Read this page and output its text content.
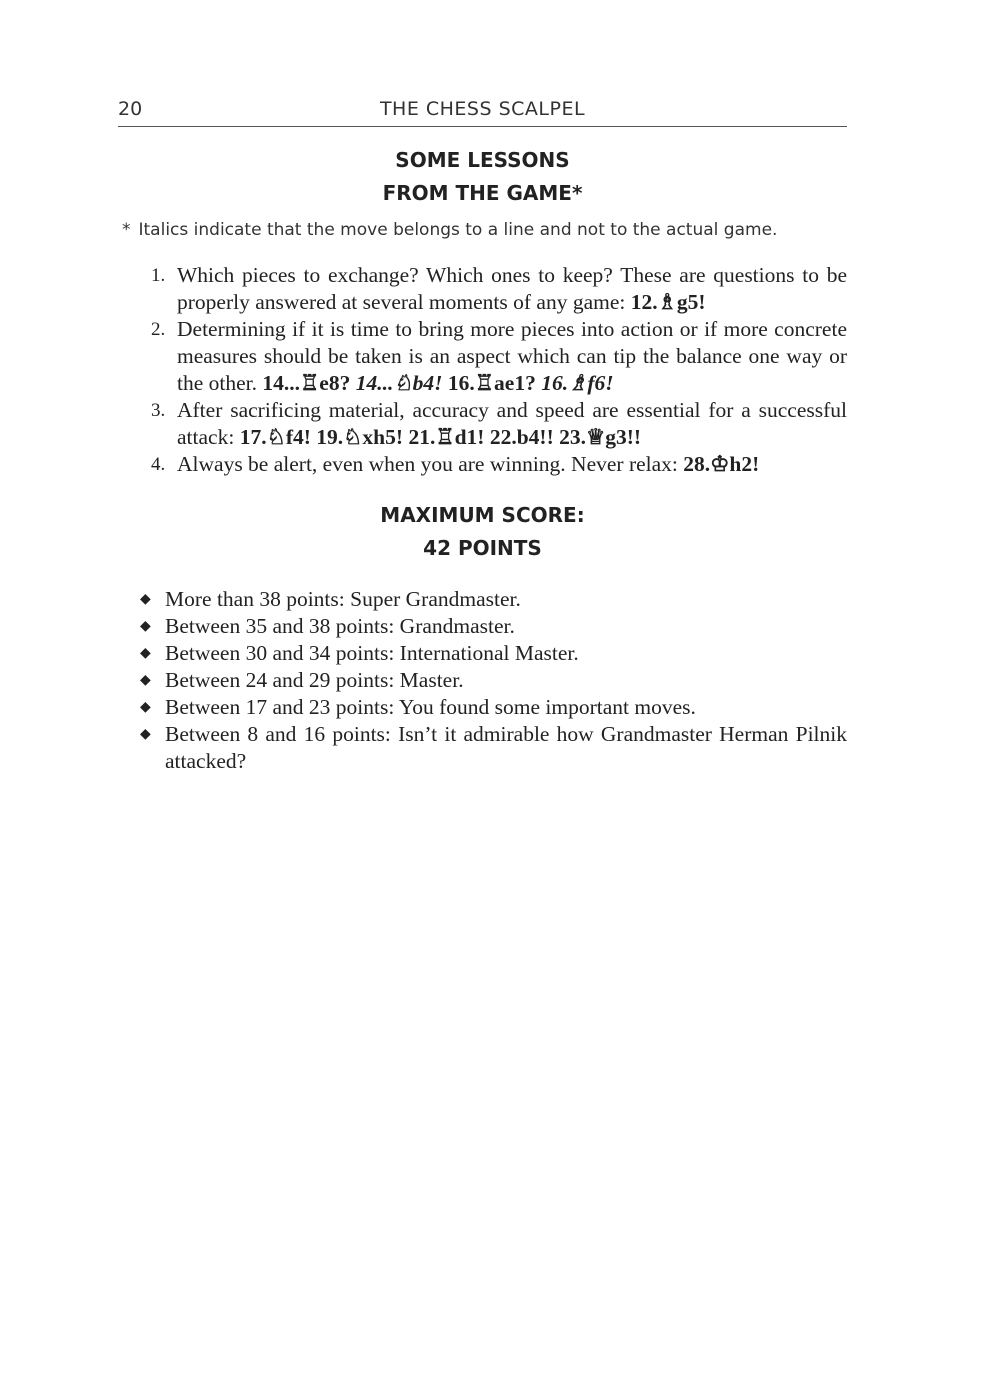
20	THE CHESS SCALPEL
SOME LESSONS
FROM THE GAME*
* Italics indicate that the move belongs to a line and not to the actual game.
1. Which pieces to exchange? Which ones to keep? These are questions to be properly answered at several moments of any game: 12.♗g5!
2. Determining if it is time to bring more pieces into action or if more concrete measures should be taken is an aspect which can tip the balance one way or the other. 14...♖e8? 14...♘b4! 16.♖ae1? 16.♗f6!
3. After sacrificing material, accuracy and speed are essential for a successful attack: 17.♘f4! 19.♘xh5! 21.♖d1! 22.b4!! 23.♕g3!!
4. Always be alert, even when you are winning. Never relax: 28.♔h2!
MAXIMUM SCORE:
42 POINTS
◆ More than 38 points: Super Grandmaster.
◆ Between 35 and 38 points: Grandmaster.
◆ Between 30 and 34 points: International Master.
◆ Between 24 and 29 points: Master.
◆ Between 17 and 23 points: You found some important moves.
◆ Between 8 and 16 points: Isn’t it admirable how Grandmaster Herman Pilnik attacked?
